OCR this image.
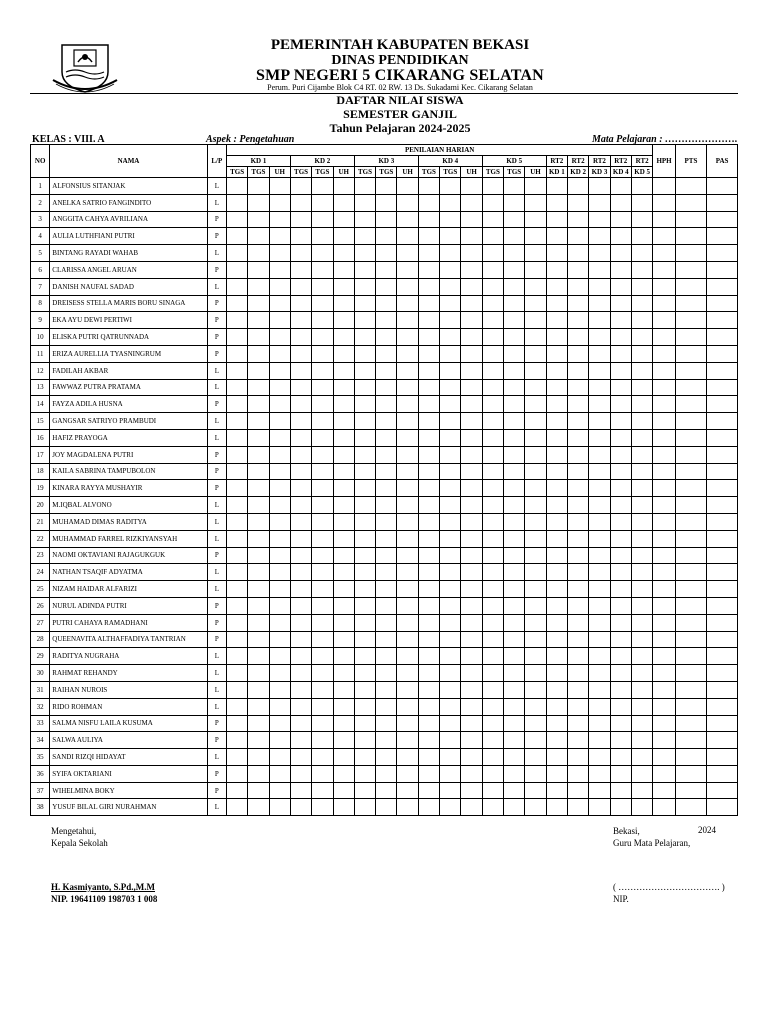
PEMERINTAH KABUPATEN BEKASI
DINAS PENDIDIKAN
SMP NEGERI 5 CIKARANG SELATAN
Perum. Puri Cijambe Blok C4 RT. 02 RW. 13 Ds. Sukadami Kec. Cikarang Selatan
DAFTAR NILAI SISWA
SEMESTER GANJIL
Tahun Pelajaran 2024-2025
KELAS : VIII. A	Aspek : Pengetahuan	Mata Pelajaran : ………………….
NO	NAMA	L/P	PENILAIAN HARIAN																				HPH	PTS	PAS
			KD 1			KD 2			KD 3			KD 4			KD 5			RT2	RT2	RT2	RT2	RT2			
			TGS	TGS	UH	TGS	TGS	UH	TGS	TGS	UH	TGS	TGS	UH	TGS	TGS	UH	KD 1	KD 2	KD 3	KD 4	KD 5			
1	ALFONSIUS SITANJAK	L																							
2	ANELKA SATRIO FANGINDITO	L																							
3	ANGGITA CAHYA AVRILIANA	P																							
4	AULIA LUTHFIANI PUTRI	P																							
5	BINTANG RAYADI WAHAB	L																							
6	CLARISSA ANGEL ARUAN	P																							
7	DANISH NAUFAL SADAD	L																							
8	DREISESS STELLA MARIS BORU SINAGA	P																							
9	EKA AYU DEWI PERTIWI	P																							
10	ELISKA PUTRI QATRUNNADA	P																							
11	ERIZA AURELLIA TYASNINGRUM	P																							
12	FADILAH AKBAR	L																							
13	FAWWAZ PUTRA PRATAMA	L																							
14	FAYZA ADILA HUSNA	P																							
15	GANGSAR SATRIYO PRAMBUDI	L																							
16	HAFIZ PRAYOGA	L																							
17	JOY MAGDALENA PUTRI	P																							
18	KAILA SABRINA TAMPUBOLON	P																							
19	KINARA RAYYA MUSHAYIR	P																							
20	M.IQBAL ALVONO	L																							
21	MUHAMAD DIMAS RADITYA	L																							
22	MUHAMMAD FARREL RIZKIYANSYAH	L																							
23	NAOMI OKTAVIANI RAJAGUKGUK	P																							
24	NATHAN TSAQIF ADYATMA	L																							
25	NIZAM HAIDAR ALFARIZI	L																							
26	NURUL ADINDA PUTRI	P																							
27	PUTRI CAHAYA RAMADHANI	P																							
28	QUEENAVITA ALTHAFFADIYA TANTRIAN	P																							
29	RADITYA NUGRAHA	L																							
30	RAHMAT REHANDY	L																							
31	RAIHAN NUROIS	L																							
32	RIDO ROHMAN	L																							
33	SALMA NISFU LAILA KUSUMA	P																							
34	SALWA AULIYA	P																							
35	SANDI RIZQI HIDAYAT	L																							
36	SYIFA OKTARIANI	P																							
37	WIHELMINA BOKY	P																							
38	YUSUF BILAL GIRI NURAHMAN	L																							
Mengetahui,
Kepala Sekolah
Bekasi,
Guru Mata Pelajaran,
2024
H. Kasmiyanto, S.Pd.,M.M
NIP. 19641109 198703 1 008
( ……………………………. )
NIP.
